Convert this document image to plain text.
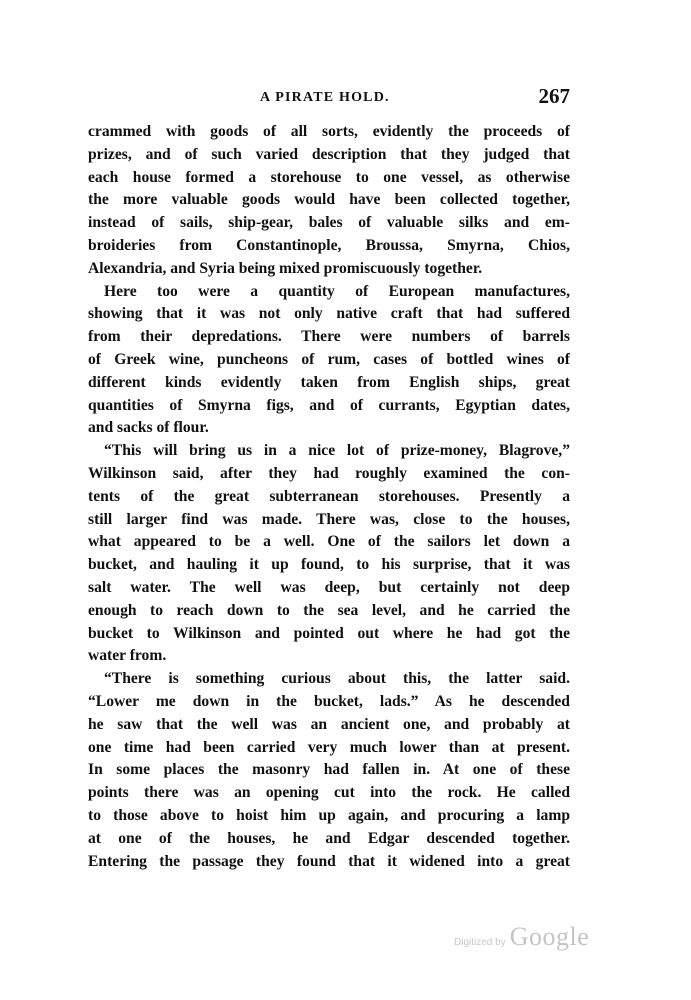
A PIRATE HOLD.	267
crammed with goods of all sorts, evidently the proceeds of
prizes, and of such varied description that they judged that
each house formed a storehouse to one vessel, as otherwise
the more valuable goods would have been collected together,
instead of sails, ship-gear, bales of valuable silks and em-
broideries from Constantinople, Broussa, Smyrna, Chios,
Alexandria, and Syria being mixed promiscuously together.
Here too were a quantity of European manufactures,
showing that it was not only native craft that had suffered
from their depredations. There were numbers of barrels
of Greek wine, puncheons of rum, cases of bottled wines of
different kinds evidently taken from English ships, great
quantities of Smyrna figs, and of currants, Egyptian dates,
and sacks of flour.
“This will bring us in a nice lot of prize-money, Blagrove,”
Wilkinson said, after they had roughly examined the con-
tents of the great subterranean storehouses. Presently a
still larger find was made. There was, close to the houses,
what appeared to be a well. One of the sailors let down a
bucket, and hauling it up found, to his surprise, that it was
salt water. The well was deep, but certainly not deep
enough to reach down to the sea level, and he carried the
bucket to Wilkinson and pointed out where he had got the
water from.
“There is something curious about this, the latter said.
“Lower me down in the bucket, lads.” As he descended
he saw that the well was an ancient one, and probably at
one time had been carried very much lower than at present.
In some places the masonry had fallen in. At one of these
points there was an opening cut into the rock. He called
to those above to hoist him up again, and procuring a lamp
at one of the houses, he and Edgar descended together.
Entering the passage they found that it widened into a great
Digitized by Google
